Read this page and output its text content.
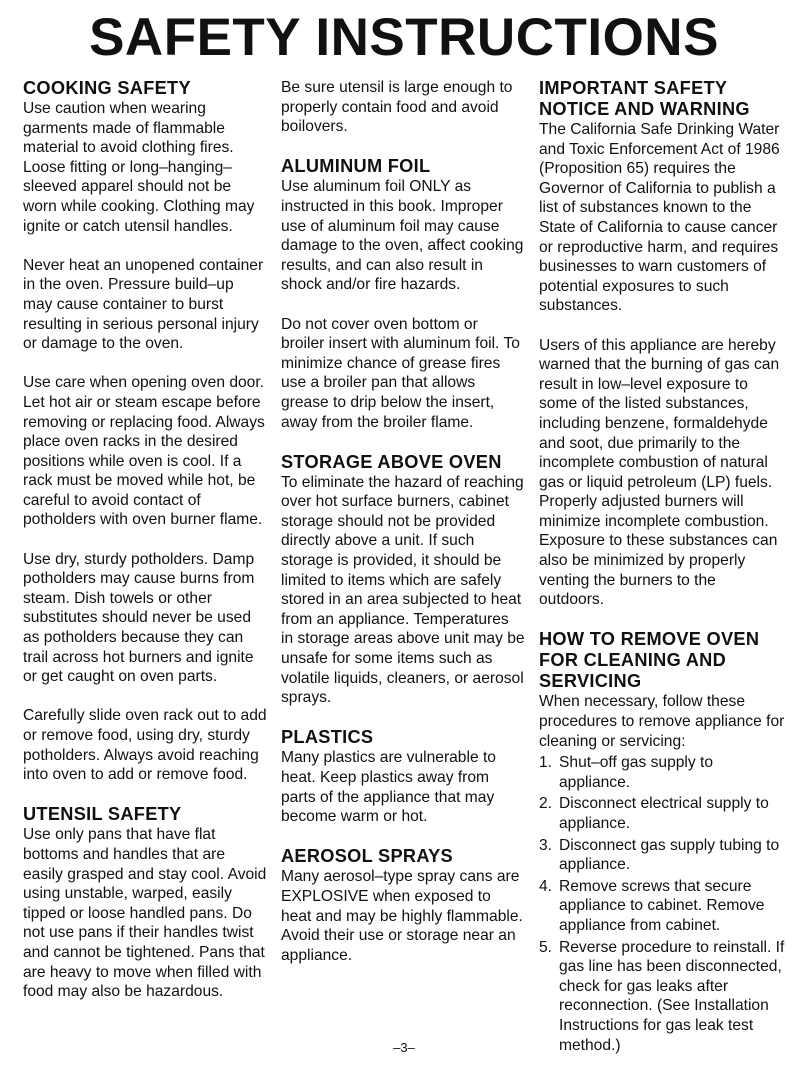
SAFETY INSTRUCTIONS
COOKING SAFETY

Use caution when wearing garments made of flammable material to avoid clothing fires. Loose fitting or long–hanging–sleeved apparel should not be worn while cooking. Clothing may ignite or catch utensil handles.

Never heat an unopened container in the oven. Pressure build–up may cause container to burst resulting in serious personal injury or damage to the oven.

Use care when opening oven door. Let hot air or steam escape before removing or replacing food. Always place oven racks in the desired positions while oven is cool. If a rack must be moved while hot, be careful to avoid contact of potholders with oven burner flame.

Use dry, sturdy potholders. Damp potholders may cause burns from steam. Dish towels or other substitutes should never be used as potholders because they can trail across hot burners and ignite or get caught on oven parts.

Carefully slide oven rack out to add or remove food, using dry, sturdy potholders. Always avoid reaching into oven to add or remove food.

UTENSIL SAFETY

Use only pans that have flat bottoms and handles that are easily grasped and stay cool. Avoid using unstable, warped, easily tipped or loose handled pans. Do not use pans if their handles twist and cannot be tightened. Pans that are heavy to move when filled with food may also be hazardous.

Be sure utensil is large enough to properly contain food and avoid boilovers.

ALUMINUM FOIL

Use aluminum foil ONLY as instructed in this book. Improper use of aluminum foil may cause damage to the oven, affect cooking results, and can also result in shock and/or fire hazards.

Do not cover oven bottom or broiler insert with aluminum foil. To minimize chance of grease fires use a broiler pan that allows grease to drip below the insert, away from the broiler flame.

STORAGE ABOVE OVEN

To eliminate the hazard of reaching over hot surface burners, cabinet storage should not be provided directly above a unit. If such storage is provided, it should be limited to items which are safely stored in an area subjected to heat from an appliance. Temperatures in storage areas above unit may be unsafe for some items such as volatile liquids, cleaners, or aerosol sprays.

PLASTICS

Many plastics are vulnerable to heat. Keep plastics away from parts of the appliance that may become warm or hot.

AEROSOL SPRAYS

Many aerosol–type spray cans are EXPLOSIVE when exposed to heat and may be highly flammable. Avoid their use or storage near an appliance.

IMPORTANT SAFETY NOTICE AND WARNING

The California Safe Drinking Water and Toxic Enforcement Act of 1986 (Proposition 65) requires the Governor of California to publish a list of substances known to the State of California to cause cancer or reproductive harm, and requires businesses to warn customers of potential exposures to such substances.

Users of this appliance are hereby warned that the burning of gas can result in low–level exposure to some of the listed substances, including benzene, formaldehyde and soot, due primarily to the incomplete combustion of natural gas or liquid petroleum (LP) fuels. Properly adjusted burners will minimize incomplete combustion. Exposure to these substances can also be minimized by properly venting the burners to the outdoors.

HOW TO REMOVE OVEN FOR CLEANING AND SERVICING

When necessary, follow these procedures to remove appliance for cleaning or servicing:

1. Shut–off gas supply to appliance.
2. Disconnect electrical supply to appliance.
3. Disconnect gas supply tubing to appliance.
4. Remove screws that secure appliance to cabinet. Remove appliance from cabinet.
5. Reverse procedure to reinstall. If gas line has been disconnected, check for gas leaks after reconnection. (See Installation Instructions for gas leak test method.)
–3–
